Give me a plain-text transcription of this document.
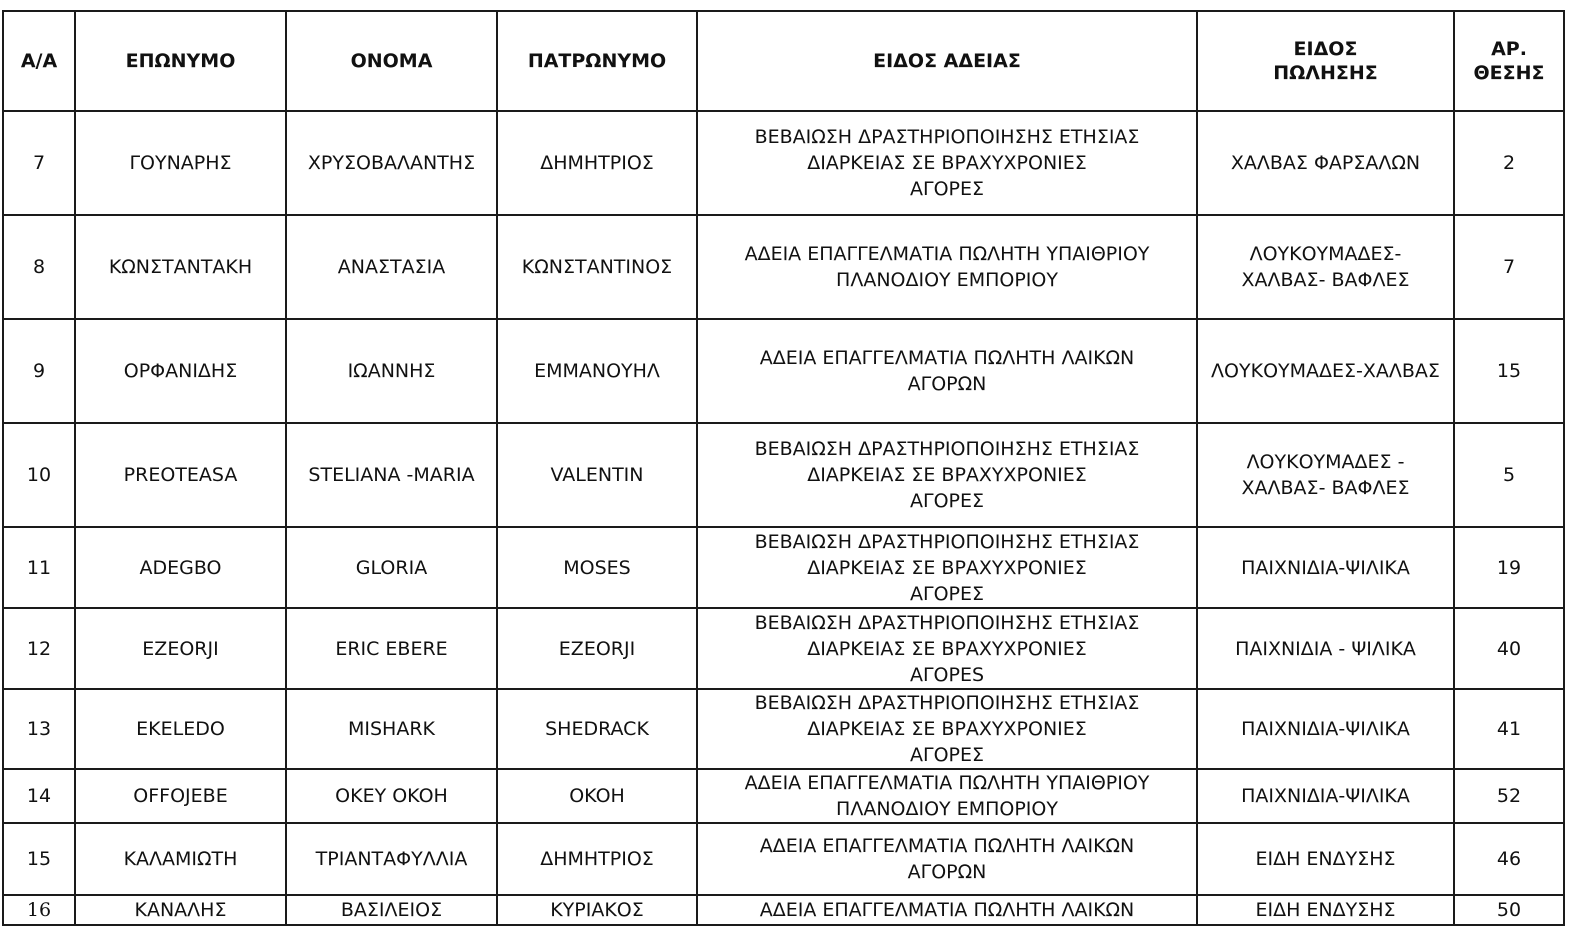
Α/Α	ΕΠΩΝΥΜΟ	ΟΝΟΜΑ	ΠΑΤΡΩΝΥΜΟ	ΕΙΔΟΣ ΑΔΕΙΑΣ	ΕΙΔΟΣ
ΠΩΛΗΣΗΣ	ΑΡ.
ΘΕΣΗΣ

7	ΓΟΥΝΑΡΗΣ	ΧΡΥΣΟΒΑΛΑΝΤΗΣ	ΔΗΜΗΤΡΙΟΣ	ΒΕΒΑΙΩΣΗ ΔΡΑΣΤΗΡΙΟΠΟΙΗΣΗΣ ΕΤΗΣΙΑΣ
ΔΙΑΡΚΕΙΑΣ ΣΕ ΒΡΑΧΥΧΡΟΝΙΕΣ
ΑΓΟΡΕΣ	ΧΑΛΒΑΣ ΦΑΡΣΑΛΩΝ	2

8	ΚΩΝΣΤΑΝΤΑΚΗ	ΑΝΑΣΤΑΣΙΑ	ΚΩΝΣΤΑΝΤΙΝΟΣ	ΑΔΕΙΑ ΕΠΑΓΓΕΛΜΑΤΙΑ ΠΩΛΗΤΗ ΥΠΑΙΘΡΙΟΥ
ΠΛΑΝΟΔΙΟΥ ΕΜΠΟΡΙΟΥ	ΛΟΥΚΟΥΜΑΔΕΣ-
ΧΑΛΒΑΣ- ΒΑΦΛΕΣ	7

9	ΟΡΦΑΝΙΔΗΣ	ΙΩΑΝΝΗΣ	ΕΜΜΑΝΟΥΗΛ	ΑΔΕΙΑ ΕΠΑΓΓΕΛΜΑΤΙΑ ΠΩΛΗΤΗ ΛΑΙΚΩΝ
ΑΓΟΡΩΝ	ΛΟΥΚΟΥΜΑΔΕΣ-ΧΑΛΒΑΣ	15

10	PREOTEASA	STELIANA -MARIA	VALENTIN	ΒΕΒΑΙΩΣΗ ΔΡΑΣΤΗΡΙΟΠΟΙΗΣΗΣ ΕΤΗΣΙΑΣ
ΔΙΑΡΚΕΙΑΣ ΣΕ ΒΡΑΧΥΧΡΟΝΙΕΣ
ΑΓΟΡΕΣ	ΛΟΥΚΟΥΜΑΔΕΣ -
ΧΑΛΒΑΣ- ΒΑΦΛΕΣ	5

11	ADEGBO	GLORIA	MOSES	ΒΕΒΑΙΩΣΗ ΔΡΑΣΤΗΡΙΟΠΟΙΗΣΗΣ ΕΤΗΣΙΑΣ
ΔΙΑΡΚΕΙΑΣ ΣΕ ΒΡΑΧΥΧΡΟΝΙΕΣ
ΑΓΟΡΕΣ	ΠΑΙΧΝΙΔΙΑ-ΨΙΛΙΚΑ	19

12	EZEORJI	ERIC EBERE	EZEORJI	ΒΕΒΑΙΩΣΗ ΔΡΑΣΤΗΡΙΟΠΟΙΗΣΗΣ ΕΤΗΣΙΑΣ
ΔΙΑΡΚΕΙΑΣ ΣΕ ΒΡΑΧΥΧΡΟΝΙΕΣ
ΑΓΟΡΕS	ΠΑΙΧΝΙΔΙΑ - ΨΙΛΙΚΑ	40

13	EKELEDO	MISHARK	SHEDRACK	ΒΕΒΑΙΩΣΗ ΔΡΑΣΤΗΡΙΟΠΟΙΗΣΗΣ ΕΤΗΣΙΑΣ
ΔΙΑΡΚΕΙΑΣ ΣΕ ΒΡΑΧΥΧΡΟΝΙΕΣ
ΑΓΟΡΕΣ	ΠΑΙΧΝΙΔΙΑ-ΨΙΛΙΚΑ	41

14	OFFOJEBE	OKEY OKOH	OKOH	ΑΔΕΙΑ ΕΠΑΓΓΕΛΜΑΤΙΑ ΠΩΛΗΤΗ ΥΠΑΙΘΡΙΟΥ
ΠΛΑΝΟΔΙΟΥ ΕΜΠΟΡΙΟΥ	ΠΑΙΧΝΙΔΙΑ-ΨΙΛΙΚΑ	52

15	ΚΑΛΑΜΙΩΤΗ	ΤΡΙΑΝΤΑΦΥΛΛΙΑ	ΔΗΜΗΤΡΙΟΣ	ΑΔΕΙΑ ΕΠΑΓΓΕΛΜΑΤΙΑ ΠΩΛΗΤΗ ΛΑΙΚΩΝ
ΑΓΟΡΩΝ	ΕΙΔΗ ΕΝΔΥΣΗΣ	46

16	ΚΑΝΑΛΗΣ	ΒΑΣΙΛΕΙΟΣ	ΚΥΡΙΑΚΟΣ	ΑΔΕΙΑ ΕΠΑΓΓΕΛΜΑΤΙΑ ΠΩΛΗΤΗ ΛΑΙΚΩΝ	ΕΙΔΗ ΕΝΔΥΣΗΣ	50
